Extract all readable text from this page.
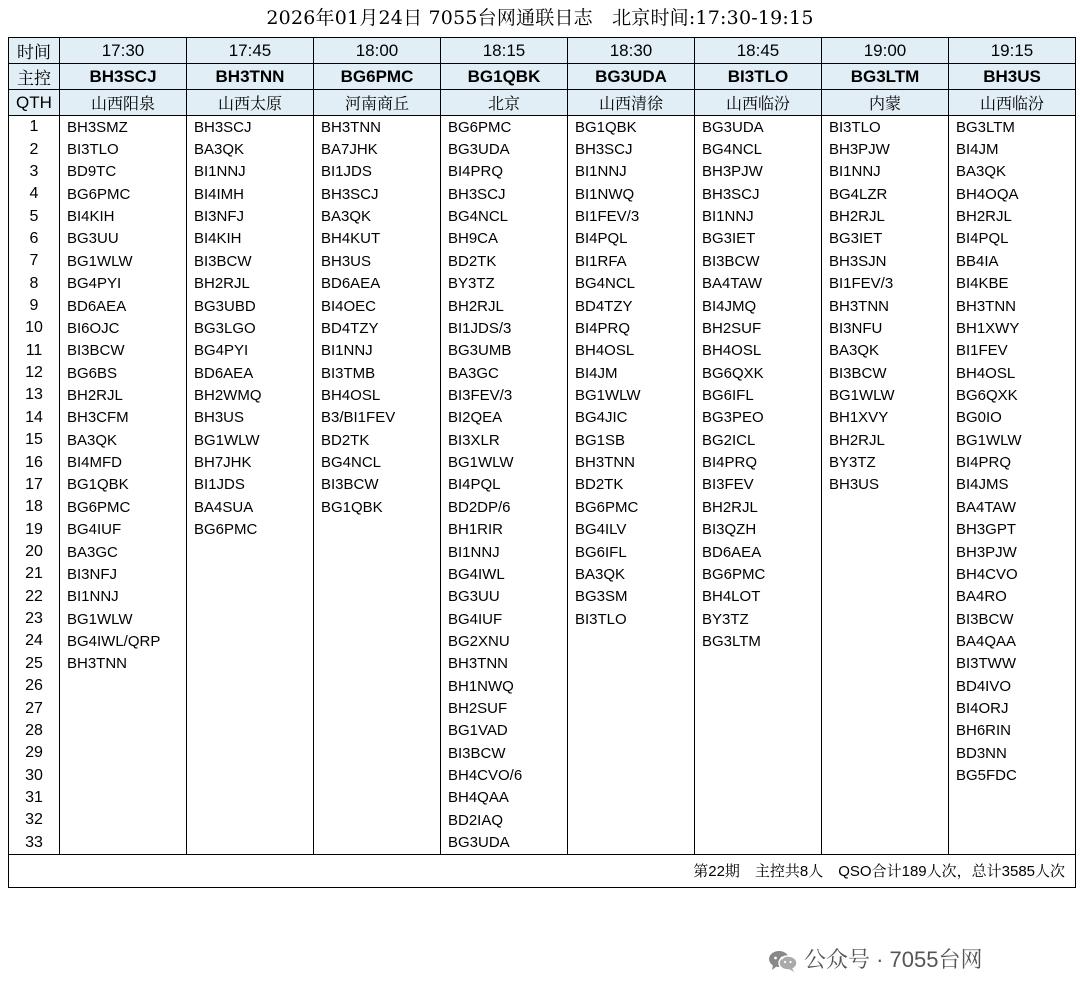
2026年01月24日 7055台网通联日志　北京时间:17:30-19:15
时间	17:30	17:45	18:00	18:15	18:30	18:45	19:00	19:15
主控	BH3SCJ	BH3TNN	BG6PMC	BG1QBK	BG3UDA	BI3TLO	BG3LTM	BH3US
QTH	山西阳泉	山西太原	河南商丘	北京	山西清徐	山西临汾	内蒙	山西临汾
1	BH3SMZ	BH3SCJ	BH3TNN	BG6PMC	BG1QBK	BG3UDA	BI3TLO	BG3LTM
2	BI3TLO	BA3QK	BA7JHK	BG3UDA	BH3SCJ	BG4NCL	BH3PJW	BI4JM
3	BD9TC	BI1NNJ	BI1JDS	BI4PRQ	BI1NNJ	BH3PJW	BI1NNJ	BA3QK
4	BG6PMC	BI4IMH	BH3SCJ	BH3SCJ	BI1NWQ	BH3SCJ	BG4LZR	BH4OQA
5	BI4KIH	BI3NFJ	BA3QK	BG4NCL	BI1FEV/3	BI1NNJ	BH2RJL	BH2RJL
6	BG3UU	BI4KIH	BH4KUT	BH9CA	BI4PQL	BG3IET	BG3IET	BI4PQL
7	BG1WLW	BI3BCW	BH3US	BD2TK	BI1RFA	BI3BCW	BH3SJN	BB4IA
8	BG4PYI	BH2RJL	BD6AEA	BY3TZ	BG4NCL	BA4TAW	BI1FEV/3	BI4KBE
9	BD6AEA	BG3UBD	BI4OEC	BH2RJL	BD4TZY	BI4JMQ	BH3TNN	BH3TNN
10	BI6OJC	BG3LGO	BD4TZY	BI1JDS/3	BI4PRQ	BH2SUF	BI3NFU	BH1XWY
11	BI3BCW	BG4PYI	BI1NNJ	BG3UMB	BH4OSL	BH4OSL	BA3QK	BI1FEV
12	BG6BS	BD6AEA	BI3TMB	BA3GC	BI4JM	BG6QXK	BI3BCW	BH4OSL
13	BH2RJL	BH2WMQ	BH4OSL	BI3FEV/3	BG1WLW	BG6IFL	BG1WLW	BG6QXK
14	BH3CFM	BH3US	B3/BI1FEV	BI2QEA	BG4JIC	BG3PEO	BH1XVY	BG0IO
15	BA3QK	BG1WLW	BD2TK	BI3XLR	BG1SB	BG2ICL	BH2RJL	BG1WLW
16	BI4MFD	BH7JHK	BG4NCL	BG1WLW	BH3TNN	BI4PRQ	BY3TZ	BI4PRQ
17	BG1QBK	BI1JDS	BI3BCW	BI4PQL	BD2TK	BI3FEV	BH3US	BI4JMS
18	BG6PMC	BA4SUA	BG1QBK	BD2DP/6	BG6PMC	BH2RJL		BA4TAW
19	BG4IUF	BG6PMC		BH1RIR	BG4ILV	BI3QZH		BH3GPT
20	BA3GC			BI1NNJ	BG6IFL	BD6AEA		BH3PJW
21	BI3NFJ			BG4IWL	BA3QK	BG6PMC		BH4CVO
22	BI1NNJ			BG3UU	BG3SM	BH4LOT		BA4RO
23	BG1WLW			BG4IUF	BI3TLO	BY3TZ		BI3BCW
24	BG4IWL/QRP			BG2XNU		BG3LTM		BA4QAA
25	BH3TNN			BH3TNN				BI3TWW
26				BH1NWQ				BD4IVO
27				BH2SUF				BI4ORJ
28				BG1VAD				BH6RIN
29				BI3BCW				BD3NN
30				BH4CVO/6				BG5FDC
31				BH4QAA				
32				BD2IAQ				
33				BG3UDA				
第22期　主控共8人　QSO合计189人次，总计3585人次								
公众号 · 7055台网
